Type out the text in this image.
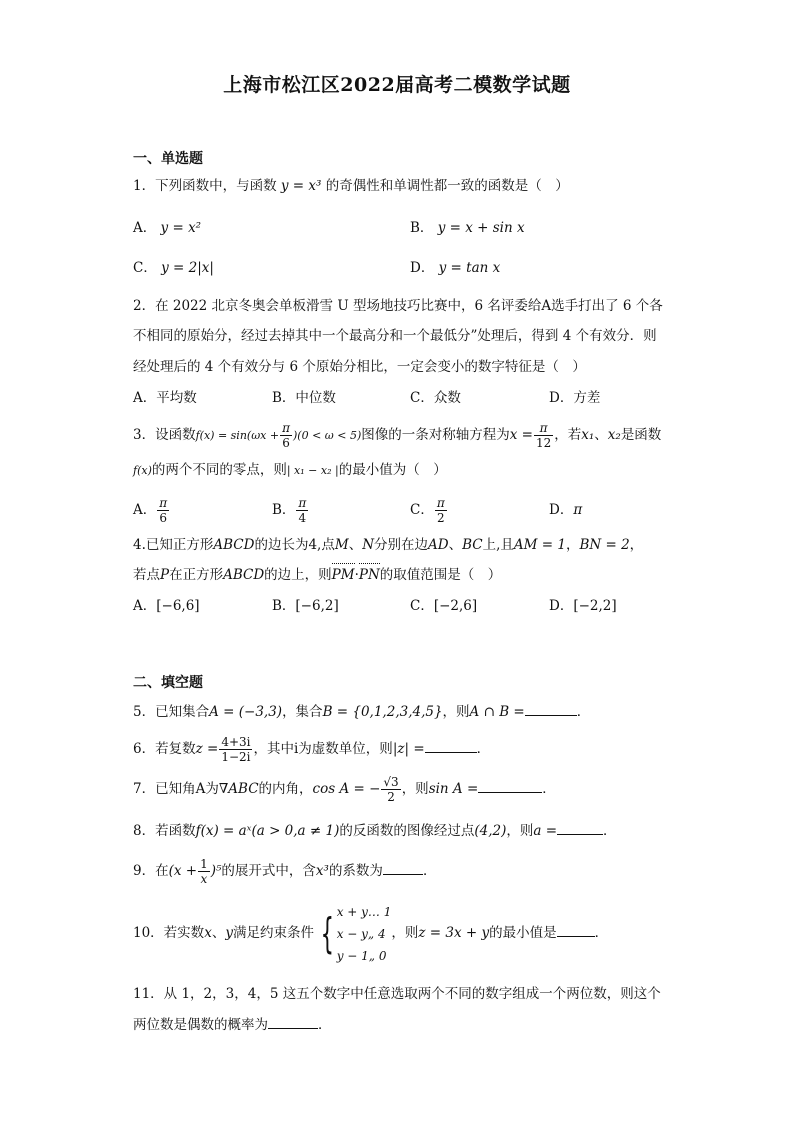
上海市松江区2022届高考二模数学试题
一、单选题
1．下列函数中，与函数 y = x³ 的奇偶性和单调性都一致的函数是（　）
A． y = x²	B． y = x + sin x
C． y = 2|x|	D． y = tan x
2．在 2022 北京冬奥会单板滑雪 U 型场地技巧比赛中，6 名评委给A选手打出了 6 个各
不相同的原始分，经过去掉其中一个最高分和一个最低分”处理后，得到 4 个有效分．则
经处理后的 4 个有效分与 6 个原始分相比，一定会变小的数字特征是（　）
A．平均数	B．中位数	C．众数	D．方差
3．设函数$f(x) = \sin(\omega x + \frac{\pi}{6} )(0 < \omega < 5)$图像的一条对称轴方程为$x = \frac{\pi}{12}$ ，若x₁、x₂是函数
f(x)的两个不同的零点，则| x₁ − x₂ |的最小值为（　）
A． $\frac{\pi}{6}$	B． $\frac{\pi}{4}$	C． $\frac{\pi}{2}$	D．π
4.已知正方形ABCD的边长为4,点M、N分别在边AD、BC上,且AM = 1，BN = 2，
若点P在正方形ABCD的边上，则PM·PN的取值范围是（　）
A．[−6,6]	B．[−6,2]	C．[−2,6]	D．[−2,2]
二、填空题
5．已知集合A = (−3,3)，集合B = {0,1,2,3,4,5}，则A ∩ B =	．
6．若复数$z = \frac{4+3i}{1-2i}$ ，其中i为虚数单位，则|z| =	．
7．已知角A为∇ABC的内角，cos A = − $\frac{√3}{2}$ ，则sin A =	．
8．若函数f(x) = aˣ(a > 0,a ≠ 1)的反函数的图像经过点(4,2)，则a =	．
9．在$(x + \frac{1}{x} )^5$的展开式中，含x³的系数为	．
10．若实数x、y满足约束条件 { x + y… 1
x − y„ 4
y − 1„ 0
，则z = 3x + y的最小值是	．
11．从 1，2，3，4，5 这五个数字中任意选取两个不同的数字组成一个两位数，则这个
两位数是偶数的概率为	．
